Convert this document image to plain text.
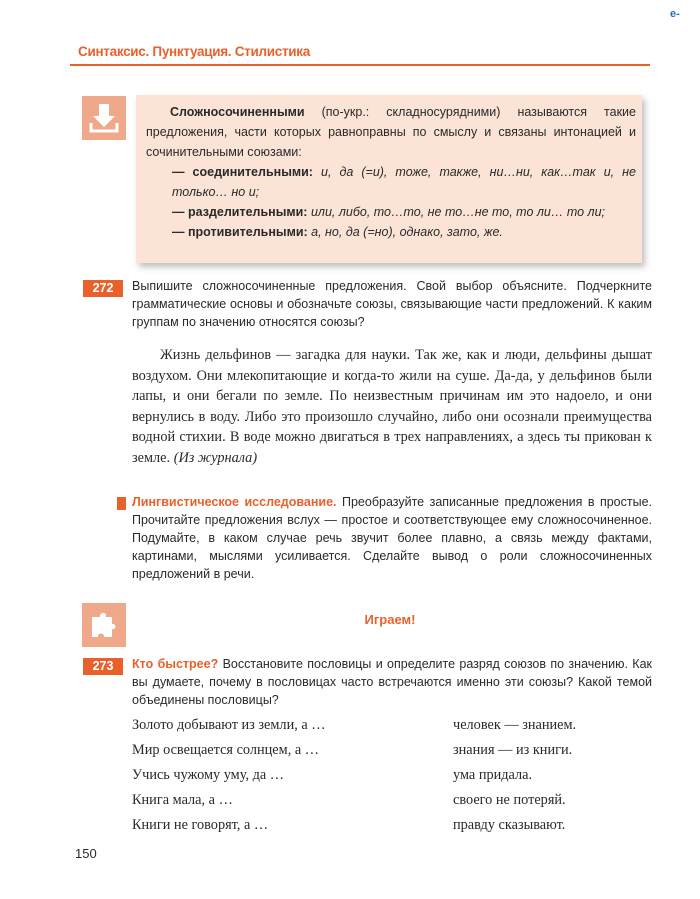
e-
Синтаксис. Пунктуация. Стилистика
Сложносочиненными (по-укр.: складносурядними) называются такие предложения, части которых равноправны по смыслу и связаны интонацией и сочинительными союзами:
— соединительными: и, да (=и), тоже, также, ни…ни, как…так и, не только… но и;
— разделительными: или, либо, то…то, не то…не то, то ли… то ли;
— противительными: а, но, да (=но), однако, зато, же.
272	Выпишите сложносочиненные предложения. Свой выбор объясните. Подчеркните грамматические основы и обозначьте союзы, связывающие части предложений. К каким группам по значению относятся союзы?

Жизнь дельфинов — загадка для науки. Так же, как и люди, дельфины дышат воздухом. Они млекопитающие и когда-то жили на суше. Да-да, у дельфинов были лапы, и они бегали по земле. По неизвестным причинам им это надоело, и они вернулись в воду. Либо это произошло случайно, либо они осознали преимущества водной стихии. В воде можно двигаться в трех направлениях, а здесь ты прикован к земле. (Из журнала)

Лингвистическое исследование. Преобразуйте записанные предложения в простые. Прочитайте предложения вслух — простое и соответствующее ему сложносочиненное. Подумайте, в каком случае речь звучит более плавно, а связь между фактами, картинами, мыслями усиливается. Сделайте вывод о роли сложносочиненных предложений в речи.
Играем!
273	Кто быстрее? Восстановите пословицы и определите разряд союзов по значению. Как вы думаете, почему в пословицах часто встречаются именно эти союзы? Какой темой объединены пословицы?
Золото добывают из земли, а …	человек — знанием.
Мир освещается солнцем, а …	знания — из книги.
Учись чужому уму, да …	ума придала.
Книга мала, а …	своего не потеряй.
Книги не говорят, а …	правду сказывают.
150
